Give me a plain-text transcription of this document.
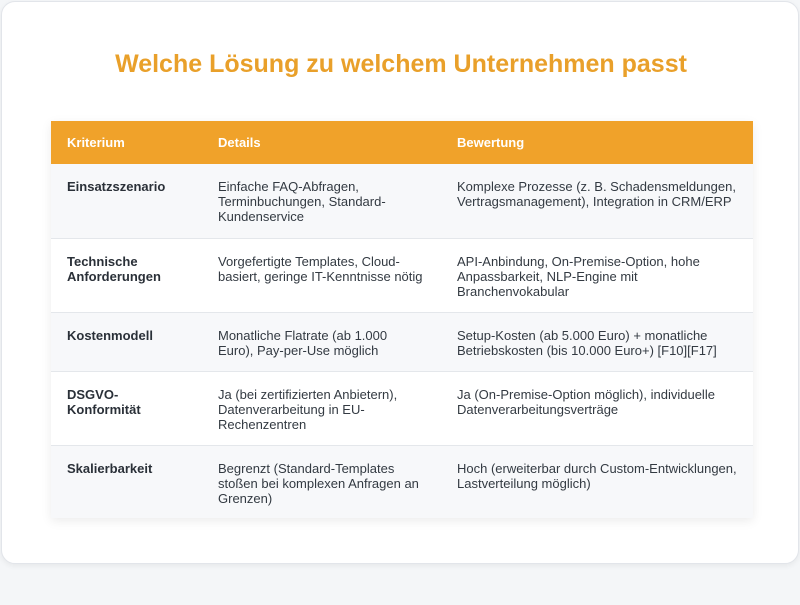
Welche Lösung zu welchem Unternehmen passt
Kriterium	Details	Bewertung
Einsatzszenario	Einfache FAQ-Abfragen, Terminbuchungen, Standard-Kundenservice	Komplexe Prozesse (z. B. Schadensmeldungen, Vertragsmanagement), Integration in CRM/ERP
Technische Anforderungen	Vorgefertigte Templates, Cloud-basiert, geringe IT-Kenntnisse nötig	API-Anbindung, On-Premise-Option, hohe Anpassbarkeit, NLP-Engine mit Branchenvokabular
Kostenmodell	Monatliche Flatrate (ab 1.000 Euro), Pay-per-Use möglich	Setup-Kosten (ab 5.000 Euro) + monatliche Betriebskosten (bis 10.000 Euro+) [F10][F17]
DSGVO-Konformität	Ja (bei zertifizierten Anbietern), Datenverarbeitung in EU-Rechenzentren	Ja (On-Premise-Option möglich), individuelle Datenverarbeitungsverträge
Skalierbarkeit	Begrenzt (Standard-Templates stoßen bei komplexen Anfragen an Grenzen)	Hoch (erweiterbar durch Custom-Entwicklungen, Lastverteilung möglich)
